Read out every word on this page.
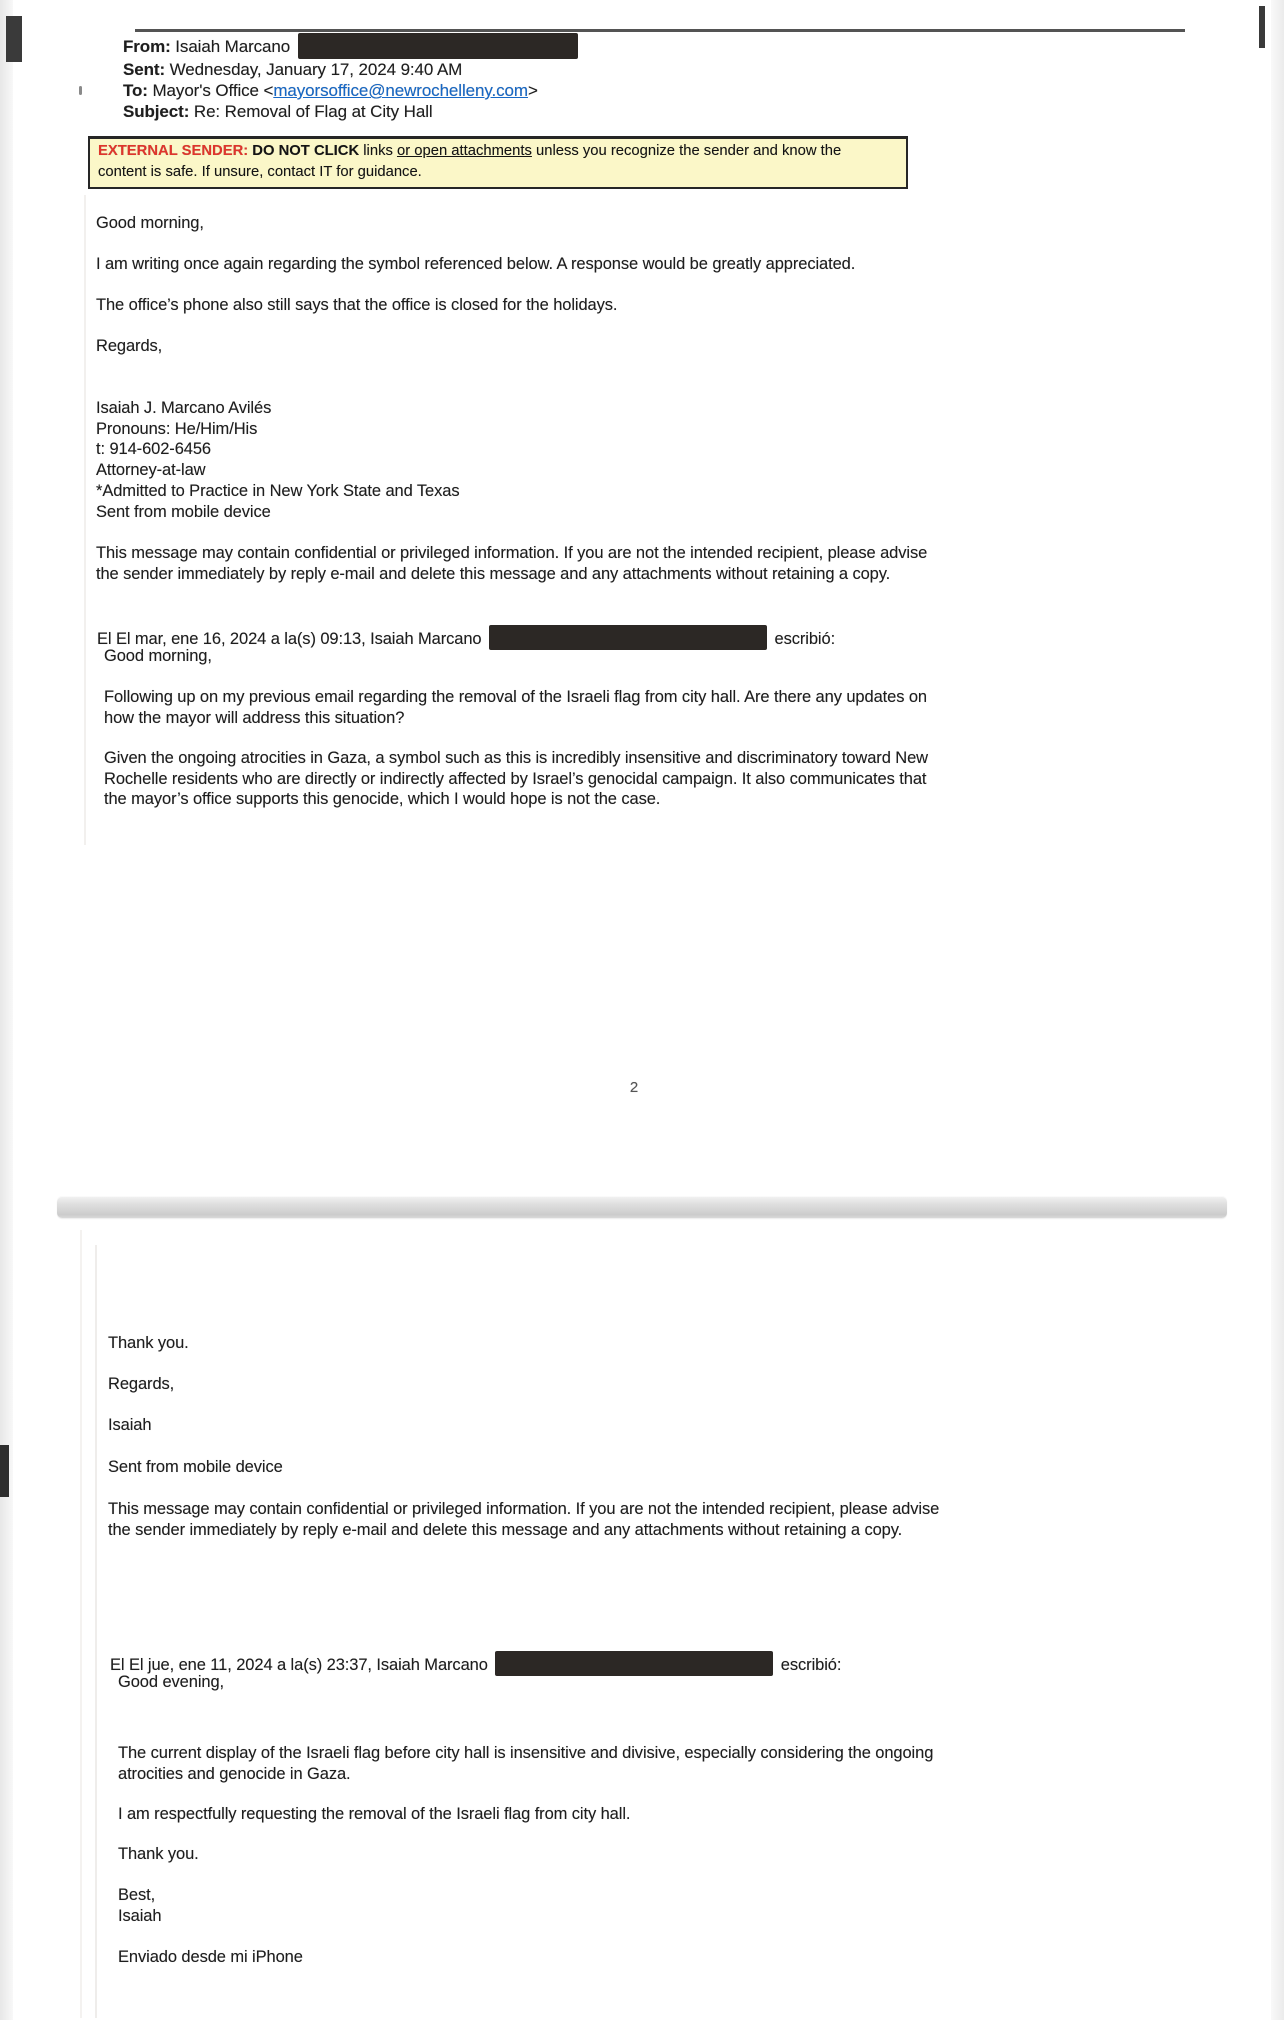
From: Isaiah Marcano
Sent: Wednesday, January 17, 2024 9:40 AM
To: Mayor's Office <mayorsoffice@newrochelleny.com>
Subject: Re: Removal of Flag at City Hall
EXTERNAL SENDER: DO NOT CLICK links or open attachments unless you recognize the sender and know the
content is safe. If unsure, contact IT for guidance.
Good morning,
I am writing once again regarding the symbol referenced below. A response would be greatly appreciated.
The office’s phone also still says that the office is closed for the holidays.
Regards,
Isaiah J. Marcano Avilés
Pronouns: He/Him/His
t: 914-602-6456
Attorney-at-law
*Admitted to Practice in New York State and Texas
Sent from mobile device
This message may contain confidential or privileged information. If you are not the intended recipient, please advise
the sender immediately by reply e-mail and delete this message and any attachments without retaining a copy.
El El mar, ene 16, 2024 a la(s) 09:13, Isaiah Marcano	escribió:
Good morning,
Following up on my previous email regarding the removal of the Israeli flag from city hall. Are there any updates on
how the mayor will address this situation?
Given the ongoing atrocities in Gaza, a symbol such as this is incredibly insensitive and discriminatory toward New
Rochelle residents who are directly or indirectly affected by Israel’s genocidal campaign. It also communicates that
the mayor’s office supports this genocide, which I would hope is not the case.
2
Thank you.
Regards,
Isaiah
Sent from mobile device
This message may contain confidential or privileged information. If you are not the intended recipient, please advise
the sender immediately by reply e-mail and delete this message and any attachments without retaining a copy.
El El jue, ene 11, 2024 a la(s) 23:37, Isaiah Marcano	escribió:
Good evening,
The current display of the Israeli flag before city hall is insensitive and divisive, especially considering the ongoing
atrocities and genocide in Gaza.
I am respectfully requesting the removal of the Israeli flag from city hall.
Thank you.
Best,
Isaiah
Enviado desde mi iPhone
